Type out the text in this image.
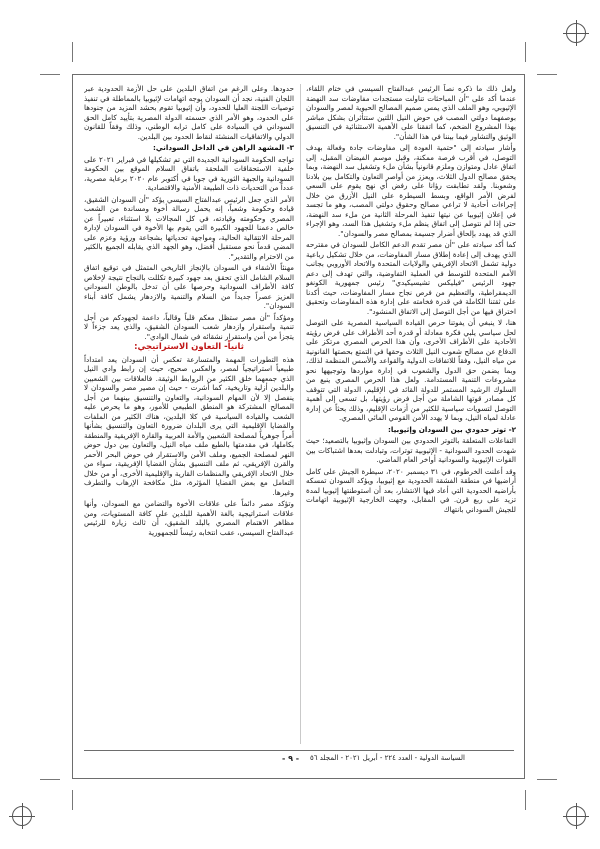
ولعل ذلك ما ذكره نصاً الرئيس عبدالفتاح السيسي في ختام اللقاء، عندما أكد على "أن المباحثات تناولت مستجدات مفاوضات سد النهضة الإثيوبي، وهو الملف الذي يمس صميم المصالح الحيوية لمصر والسودان بوصفهما دولتي المصب في حوض النيل اللتين ستتأثران بشكل مباشر بهذا المشروع الضخم، كما اتفقنا على الأهمية الاستثنائية في التنسيق الوثيق والتشاور فيما بيننا في هذا الشأن".

وأشار سيادته إلى "حتمية العودة إلى مفاوضات جادة وفعالة بهدف التوصل، في أقرب فرصة ممكنة، وقبل موسم الفيضان المقبل، إلى اتفاق عادل ومتوازن وملزم قانونياً بشأن ملء وتشغيل سد النهضة، وبما يحقق مصالح الدول الثلاث، ويعزز من أواصر التعاون والتكامل بين بلادنا وشعوبنا. ولقد تطابقت رؤانا على رفض أي نهج يقوم على السعي لفرض الأمر الواقع، وبسط السيطرة على النيل الأزرق من خلال إجراءات أحادية لا تراعي مصالح وحقوق دولتي المصب، وهو ما تجسد في إعلان إثيوبيا عن نيتها تنفيذ المرحلة الثانية من ملء سد النهضة، حتى إذا لم نتوصل إلى اتفاق ينظم ملء وتشغيل هذا السد، وهو الإجراء الذي قد يهدد بإلحاق أضرار جسيمة بمصالح مصر والسودان".

كما أكد سيادته على "أن مصر تقدم الدعم الكامل للسودان في مقترحه الذي يهدف إلى إعادة إطلاق مسار المفاوضات، من خلال تشكيل رباعية دولية تشمل الاتحاد الإفريقي والولايات المتحدة والاتحاد الأوروبي بجانب الأمم المتحدة للتوسط في العملية التفاوضية، والتي تهدف إلى دعم جهود الرئيس "فيليكس تشيسيكيدي" رئيس جمهورية الكونغو الديمقراطية، والتعظيم من فرص نجاح مسار المفاوضات، حيث أكدنا على ثقتنا الكاملة في قدرة فخامته على إدارة هذه المفاوضات وتحقيق اختراق فيها من أجل التوصل إلى الاتفاق المنشود".

هنا، لا ينبغي أن يفوتنا حرص القيادة السياسية المصرية على التوصل لحل سياسي يلبي فكرة معادلة أو قدرة أحد الأطراف على فرض رؤيته الأحادية على الأطراف الأخرى، وأن هذا الحرص المصري مرتكز على الدفاع عن مصالح شعوب النيل الثلاث وحقها في التمتع بحصتها القانونية من مياه النيل، وفقاً للاتفاقات الدولية والقواعد والأسس المنظمة لذلك، وبما يضمن حق الدول والشعوب في إدارة مواردها وتوجيهها نحو مشروعات التنمية المستدامة. ولعل هذا الحرص المصري ينبع من السلوك الرشيد المستمر للدولة القائد في الإقليم، الدولة التي تتوقف كل مصادر قوتها الشاملة من أجل فرض رؤيتها، بل تسعى إلى أهمية التوصل لتسويات سياسية للكثير من أزمات الإقليم، وذلك بحثاً عن إدارة عادلة لمياه النيل، وبما لا يهدد الأمن القومي المائي المصري.

٢- توتر حدودي بين السودان وإثيوبيا:

التفاعلات المتعلقة بالتوتر الحدودي بين السودان وإثيوبيا بالتصعيد؛ حيث شهدت الحدود السودانية - الإثيوبية توترات، وتبادلت بعدها اشتباكات بين القوات الإثيوبية والسودانية أواخر العام الماضي.

وقد أعلنت الخرطوم، في ٣١ ديسمبر ٢٠٢٠، سيطرة الجيش على كامل أراضيها في منطقة الفشقة الحدودية مع إثيوبيا، ويؤكد السودان تمسكه بأراضيه الحدودية التي أعاد فيها الانتشار، بعد أن استوطنتها إثيوبيا لمدة تزيد على ربع قرن. في المقابل، وجهت الخارجية الإثيوبية اتهامات للجيش السوداني بانتهاك

حدودها. وعلى الرغم من اتفاق البلدين على حل الأزمة الحدودية عبر اللجان الفنية، نجد أن السودان يوجه اتهامات لإثيوبيا بالمماطلة في تنفيذ توصيات اللجنة العليا للحدود، وأن إثيوبيا تقوم بحشد المزيد من جنودها على الحدود، وهو الأمر الذي حسمته الدولة المصرية بتأييد كامل الحق السوداني في السيادة على كامل ترابه الوطني، وذلك وفقاً للقانون الدولي والاتفاقيات المنشئة لنقاط الحدود بين البلدين.

٣- المشهد الراهن في الداخل السوداني:

تواجه الحكومة السودانية الجديدة التي تم تشكيلها في فبراير ٢٠٢١ على خلفية الاستحقاقات الملحقة باتفاق السلام الموقع بين الحكومة السودانية والجبهة الثورية في جوبا في أكتوبر عام ٢٠٢٠ برعاية مصرية، عدداً من التحديات ذات الطبيعة الأمنية والاقتصادية.

الأمر الذي جعل الرئيس عبدالفتاح السيسي يؤكد "أن السودان الشقيق، قيادة وحكومة وشعباً، إنه يحمل رسالة أخوة ومساندة من الشعب المصري وحكومته وقيادته، في كل المجالات بلا استثناء، تعبيراً عن خالص دعمنا للجهود الكبيرة التي يقوم بها الأخوة في السودان لإدارة المرحلة الانتقالية الحالية، ومواجهة تحدياتها بشجاعة ورؤية وعزم على المضي قدماً نحو مستقبل أفضل، وهو الجهد الذي يقابله الجميع بالكثير من الاحترام والتقدير".

مهنئاً الأشقاء في السودان بالإنجاز التاريخي المتمثل في توقيع اتفاق السلام الشامل الذي تحقق بعد جهود كبيرة تكللت بالنجاح نتيجة لإخلاص كافة الأطراف السودانية وحرصها على أن تدخل بالوطن السوداني العزيز عصراً جديداً من السلام والتنمية والازدهار يشمل كافة أبناء السودان".

ومؤكداً "أن مصر ستظل معكم قلباً وقالباً، داعمة لجهودكم من أجل تنمية واستقرار وازدهار شعب السودان الشقيق، والذي يعد جزءاً لا يتجزأ من أمن واستقرار نشقائه في شمال الوادي".

ثانياً- التعاون الاستراتيجي:

هذه التطورات المهمة والمتسارعة تعكس أن السودان يعد امتداداً طبيعياً استراتيجياً لمصر، والعكس صحيح، حيث إن رابط وادي النيل الذي جمعهما خلق الكثير من الروابط الوثيقة. فالعلاقات بين الشعبين والبلدين أزلية وتاريخية، كما أشرت - حيث إن مصير مصر والسودان لا ينفصل إلا لأن المهام السودانية، والتعاون والتنسيق بينهما من أجل المصالح المشتركة هو المنطق الطبيعي للأمور، وهو ما يحرص عليه الشعب والقيادة السياسية في كلا البلدين، هناك الكثير من الملفات والقضايا الإقليمية التي يرى البلدان ضرورة التعاون والتنسيق بشأنها أمراً جوهرياً لمصلحة الشعبين والأمة العربية والقارة الإفريقية والمنطقة بكاملها، في مقدمتها بالطبع ملف مياه النيل، والتعاون بين دول حوض النهر لمصلحة الجميع، وملف الأمن والاستقرار في حوض البحر الأحمر والقرن الإفريقي، ثم ملف التنسيق بشأن القضايا الإفريقية، سواء من خلال الاتحاد الإفريقي والمنظمات القارية والإقليمية الأخرى، أو من خلال التعامل مع بعض القضايا المؤثرة، مثل مكافحة الإرهاب والتطرف وغيرها.

وتؤكد مصر دائماً على علاقات الأخوة والتضامن مع السودان، وأنها علاقات استراتيجية بالغة الأهمية للبلدين على كافة المستويات، ومن مظاهر الاهتمام المصري بالبلد الشقيق، أن ثالث زيارة للرئيس عبدالفتاح السيسي، عقب انتخابه رئيساً للجمهورية

السياسة الدولية - العدد ٢٢٤ - أبريل ٢٠٢١ - المجلد ٥٦
- ٩ -
